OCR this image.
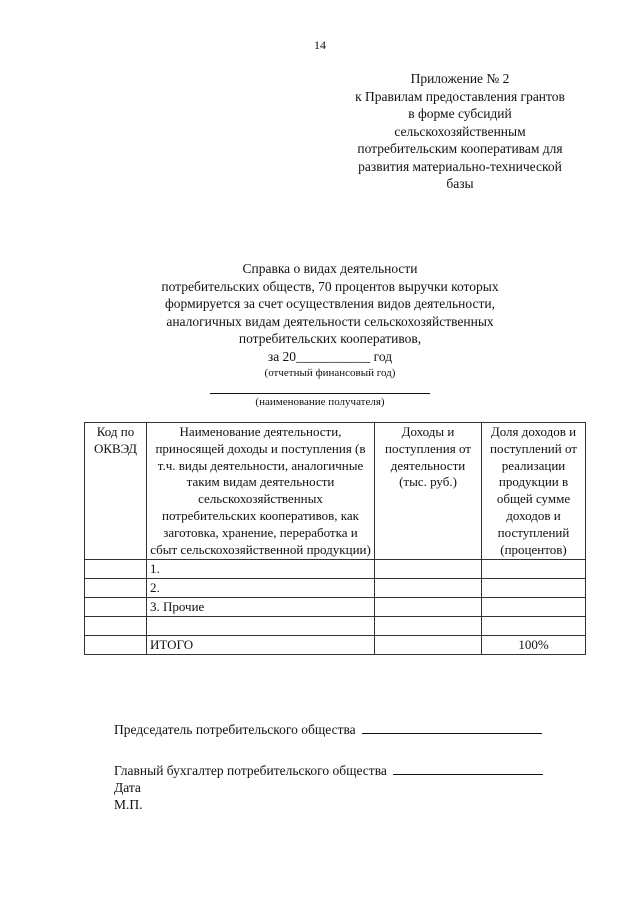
14
Приложение № 2
к Правилам предоставления грантов
в форме субсидий
сельскохозяйственным
потребительским кооперативам для
развития материально-технической
базы
Справка о видах деятельности
потребительских обществ, 70 процентов выручки которых
формируется за счет осуществления видов деятельности,
аналогичных видам деятельности сельскохозяйственных
потребительских кооперативов,
за 20___________ год
(отчетный финансовый год)
(наименование получателя)
Код по ОКВЭД	Наименование деятельности, приносящей доходы и поступления (в т.ч. виды деятельности, аналогичные таким видам деятельности сельскохозяйственных потребительских кооперативов, как заготовка, хранение, переработка и сбыт сельскохозяйственной продукции)	Доходы и поступления от деятельности (тыс. руб.)	Доля доходов и поступлений от реализации продукции в общей сумме доходов и поступлений (процентов)
	1.		
	2.		
	3. Прочие		

	ИТОГО		100%
Председатель потребительского общества
Главный бухгалтер потребительского общества
Дата
М.П.
